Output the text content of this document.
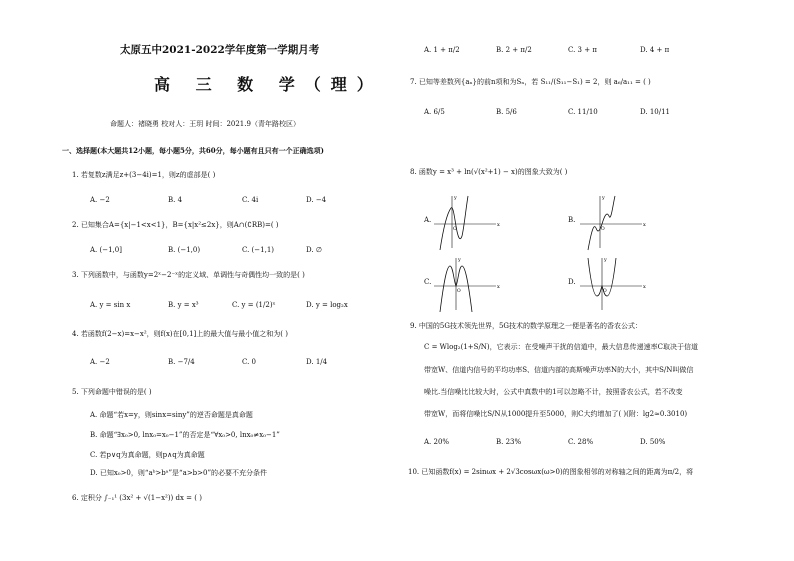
太原五中2021-2022学年度第一学期月考
高 三 数 学（理）
命题人：褚晓勇 校对人：王玥 时间：2021.9（青年路校区）
一、选择题(本大题共12小题，每小题5分，共60分，每小题有且只有一个正确选项)
1. 若复数z满足z+(3−4i)=1，则z的虚部是( )
A. −2	B. 4	C. 4i	D. −4
2. 已知集合A={x|−1<x<1}，B={x|x²≤2x}，则A∩(∁RB)=( )
A. (−1,0]	B. (−1,0)	C. (−1,1)	D. ∅
3. 下列函数中，与函数y=2ˣ−2⁻ˣ的定义域、单调性与奇偶性均一致的是( )
A. y = sin x	B. y = x³	C. y = (1/2)ˣ	D. y = log₂x
4. 若函数f(2−x)=x−x²，则f(x)在[0,1]上的最大值与最小值之和为( )
A. −2	B. −7/4	C. 0	D. 1/4
5. 下列命题中错误的是( )
A. 命题“若x=y，则sinx=siny”的逆否命题是真命题
B. 命题“∃x₀>0, lnx₀=x₀−1”的否定是“∀x₀>0, lnx₀≠x₀−1”
C. 若p∨q为真命题，则p∧q为真命题
D. 已知x₀>0，则“aᵇ>bᵃ”是“a>b>0”的必要不充分条件
6. 定积分 ∫₋₁¹ (3x² + √(1−x²)) dx = ( )
A. 1 + π/2	B. 2 + π/2	C. 3 + π	D. 4 + π
7. 已知等差数列{aₙ}的前n项和为Sₙ，若 S₁₁/(S₁₁−S₁) = 2，则 a₆/a₁₁ = ( )
A. 6/5	B. 5/6	C. 11/10	D. 10/11
8. 函数y = x³ + ln(√(x²+1) − x)的图象大致为( )
A.
x
y
O
B.
x
y
O
C.
x
y
O
D.
x
y
O
9. 中国的5G技术领先世界，5G技术的数学原理之一便是著名的香农公式：
C = Wlog₂(1+S/N)，它表示：在受噪声干扰的信道中，最大信息传递速率C取决于信道
带宽W、信道内信号的平均功率S、信道内部的高斯噪声功率N的大小，其中S/N叫做信
噪比.当信噪比比较大时，公式中真数中的1可以忽略不计，按照香农公式，若不改变
带宽W，而将信噪比S/N从1000提升至5000，则C大约增加了( )(附：lg2≈0.3010)
A. 20%	B. 23%	C. 28%	D. 50%
10. 已知函数f(x) = 2sinωx + 2√3cosωx(ω>0)的图象相邻的对称轴之间的距离为π/2，将
